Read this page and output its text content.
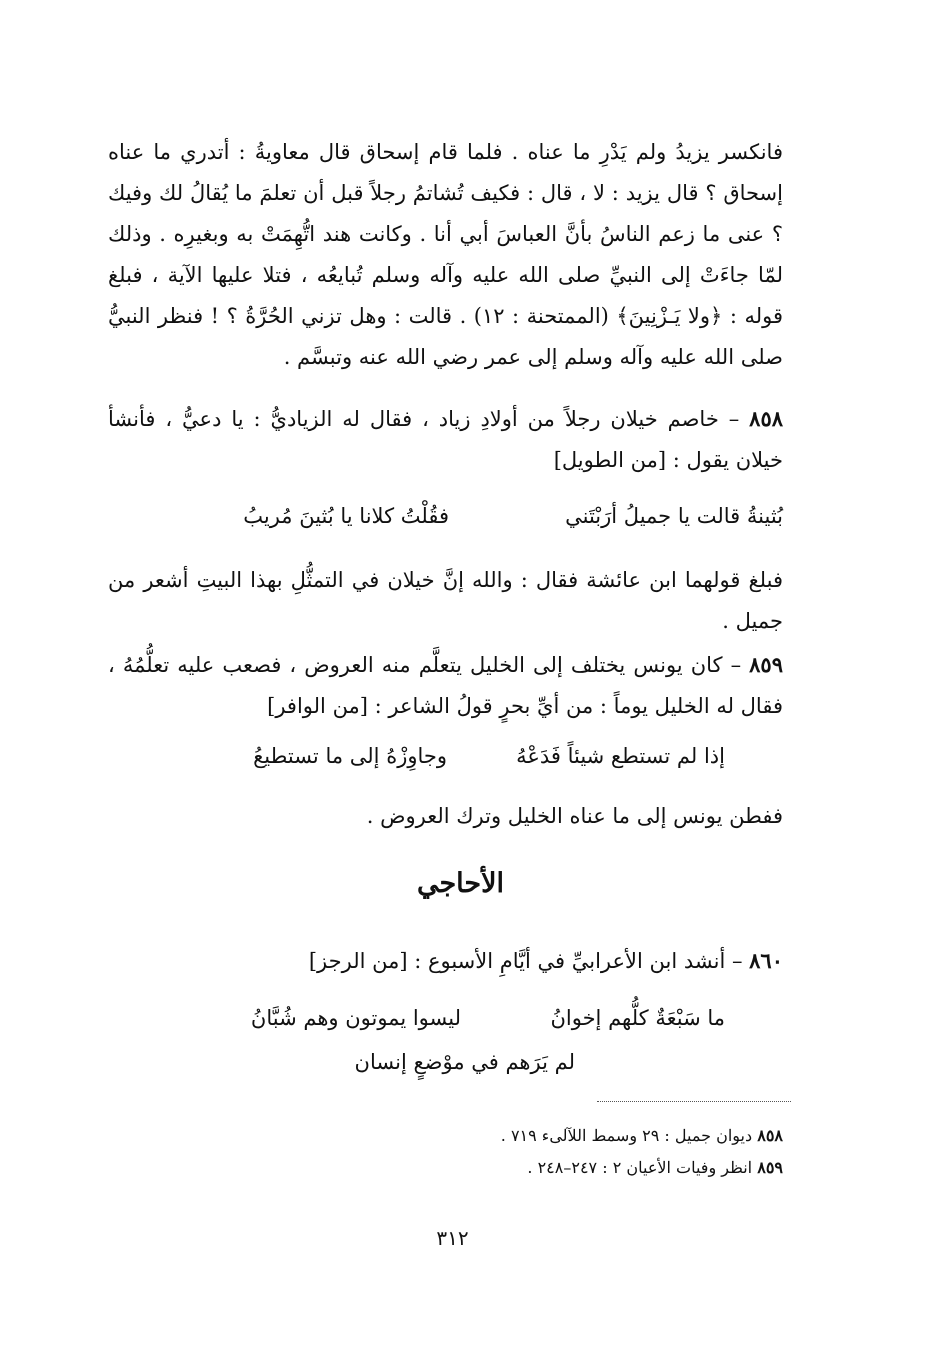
فانكسر يزيدُ ولم يَدْرِ ما عناه . فلما قام إسحاق قال معاويةُ : أتدري ما عناه إسحاق ؟ قال يزيد : لا ، قال : فكيف تُشاتمُ رجلاً قبل أن تعلمَ ما يُقالُ لك وفيك ؟ عنى ما زعم الناسُ بأنَّ العباسَ أبي أنا . وكانت هند اتُّهِمَتْ به وبغيرِه . وذلك لمّا جاءَتْ إلى النبيِّ صلى الله عليه وآله وسلم تُبايعُه ، فتلا عليها الآية ، فبلغ قوله : ﴿ولا يَـزْنِينَ﴾ (الممتحنة : ١٢) . قالت : وهل تزني الحُرَّةُ ؟ ! فنظر النبيُّ صلى الله عليه وآله وسلم إلى عمر رضي الله عنه وتبسَّم .

٨٥٨ – خاصم خيلان رجلاً من أولادِ زياد ، فقال له الزياديُّ : يا دعيُّ ، فأنشأ خيلان يقول : [من الطويل]

بُثينةُ قالت يا جميلُ أرَبْتَني
فقُلْتُ كلانا يا بُثينَ مُريبُ

فبلغ قولهما ابن عائشة فقال : والله إنَّ خيلان في التمثُّلِ بهذا البيتِ أشعر من جميل .

٨٥٩ – كان يونس يختلف إلى الخليل يتعلَّم منه العروض ، فصعب عليه تعلُّمُهُ ، فقال له الخليل يوماً : من أيِّ بحرٍ قولُ الشاعر : [من الوافر]

إذا لم تستطع شيئاً فَدَعْهُ
وجاوِزْهُ إلى ما تستطيعُ

ففطن يونس إلى ما عناه الخليل وترك العروض .

الأحاجي

٨٦٠ – أنشد ابن الأعرابيِّ في أيَّامِ الأسبوع : [من الرجز]

ما سَبْعَةٌ كلُّهم إخوانُ
ليسوا يموتون وهم شُبَّانُ
لم يَرَهم في موْضعٍ إنسان

٨٥٨ ديوان جميل : ٢٩ وسمط اللآلىء ٧١٩ .

٨٥٩ انظر وفيات الأعيان ٢ : ٢٤٧–٢٤٨ .

٣١٢
